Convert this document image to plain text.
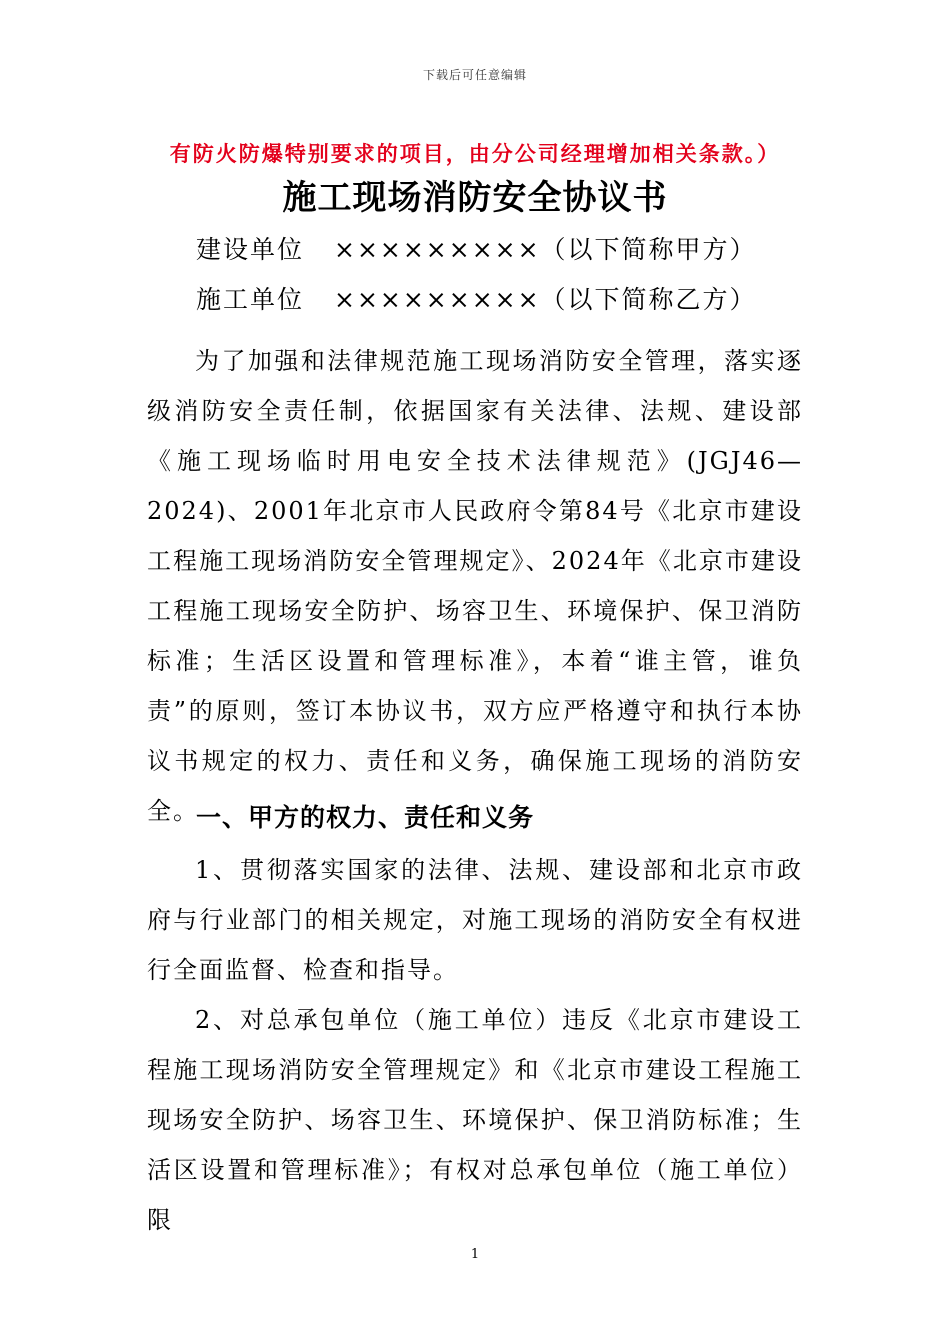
下载后可任意编辑
有防火防爆特别要求的项目，由分公司经理增加相关条款。）
施工现场消防安全协议书
建设单位 ×××××××××（以下简称甲方）
施工单位 ×××××××××（以下简称乙方）
为了加强和法律规范施工现场消防安全管理，落实逐级消防安全责任制，依据国家有关法律、法规、建设部《施工现场临时用电安全技术法律规范》(JGJ46—2024)、2001年北京市人民政府令第84号《北京市建设工程施工现场消防安全管理规定》、2024年《北京市建设工程施工现场安全防护、场容卫生、环境保护、保卫消防标准；生活区设置和管理标准》，本着“谁主管，谁负责”的原则，签订本协议书，双方应严格遵守和执行本协议书规定的权力、责任和义务，确保施工现场的消防安全。
一、甲方的权力、责任和义务
1、贯彻落实国家的法律、法规、建设部和北京市政府与行业部门的相关规定，对施工现场的消防安全有权进行全面监督、检查和指导。
2、对总承包单位（施工单位）违反《北京市建设工程施工现场消防安全管理规定》和《北京市建设工程施工现场安全防护、场容卫生、环境保护、保卫消防标准；生活区设置和管理标准》；有权对总承包单位（施工单位）限
1
